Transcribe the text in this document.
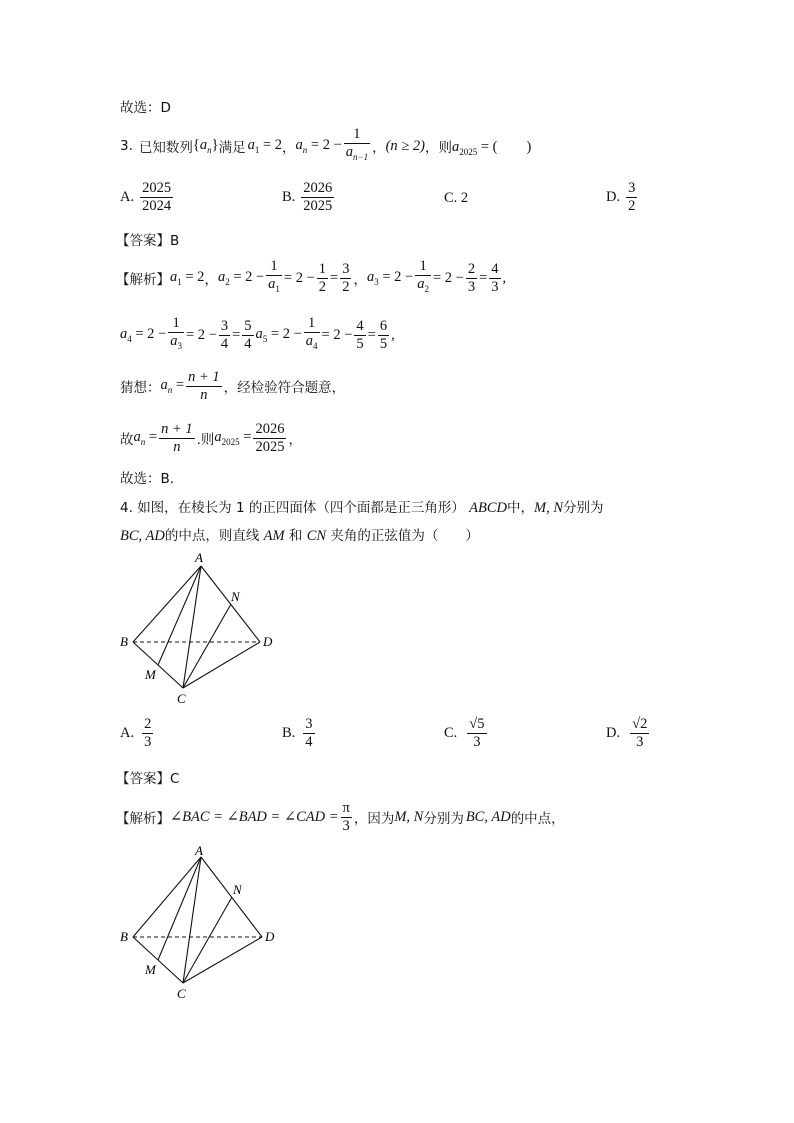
故选：D
3. 已知数列 $\{a_n\}$ 满足 $a_1 = 2$ ， $a_n = 2 - \frac{1}{a_{n-1}}$ ， (n ≥ 2) ，则 $a_{2025}$ = (　　)
A. $\frac{2025}{2024}$	B. $\frac{2026}{2025}$	C. 2	D. $\frac{3}{2}$
【答案】B
【解析】 $a_1 = 2$ ， $a_2 = 2 - \frac{1}{a_1} = 2 - \frac{1}{2} = \frac{3}{2}$ ， $a_3 = 2 - \frac{1}{a_2} = 2 - \frac{2}{3} = \frac{4}{3}$ ,
$a_4 = 2 - \frac{1}{a_3} = 2 - \frac{3}{4} = \frac{5}{4} a_5 = 2 - \frac{1}{a_4} = 2 - \frac{4}{5} = \frac{6}{5}$ ,
猜想： $a_n = \frac{n + 1}{n}$ ，经检验符合题意，
故 $a_n = \frac{n + 1}{n}$ .则 $a_{2025} = \frac{2026}{2025}$ ，
故选：B.
4. 如图，在棱长为 1 的正四面体（四个面都是正三角形） ABCD中，M, N分别为
BC, AD的中点，则直线 AM 和 CN 夹角的正弦值为（　　）
A
B
C
D
M
N
A. $\frac{2}{3}$	B. $\frac{3}{4}$	C. $\frac{√5}{3}$	D. $\frac{√2}{3}$
【答案】C
【解析】 ∠BAC = ∠BAD = ∠CAD = $\frac{\pi}{3}$ ，因为 M, N 分别为 BC, AD 的中点，
A
B
C
D
M
N
